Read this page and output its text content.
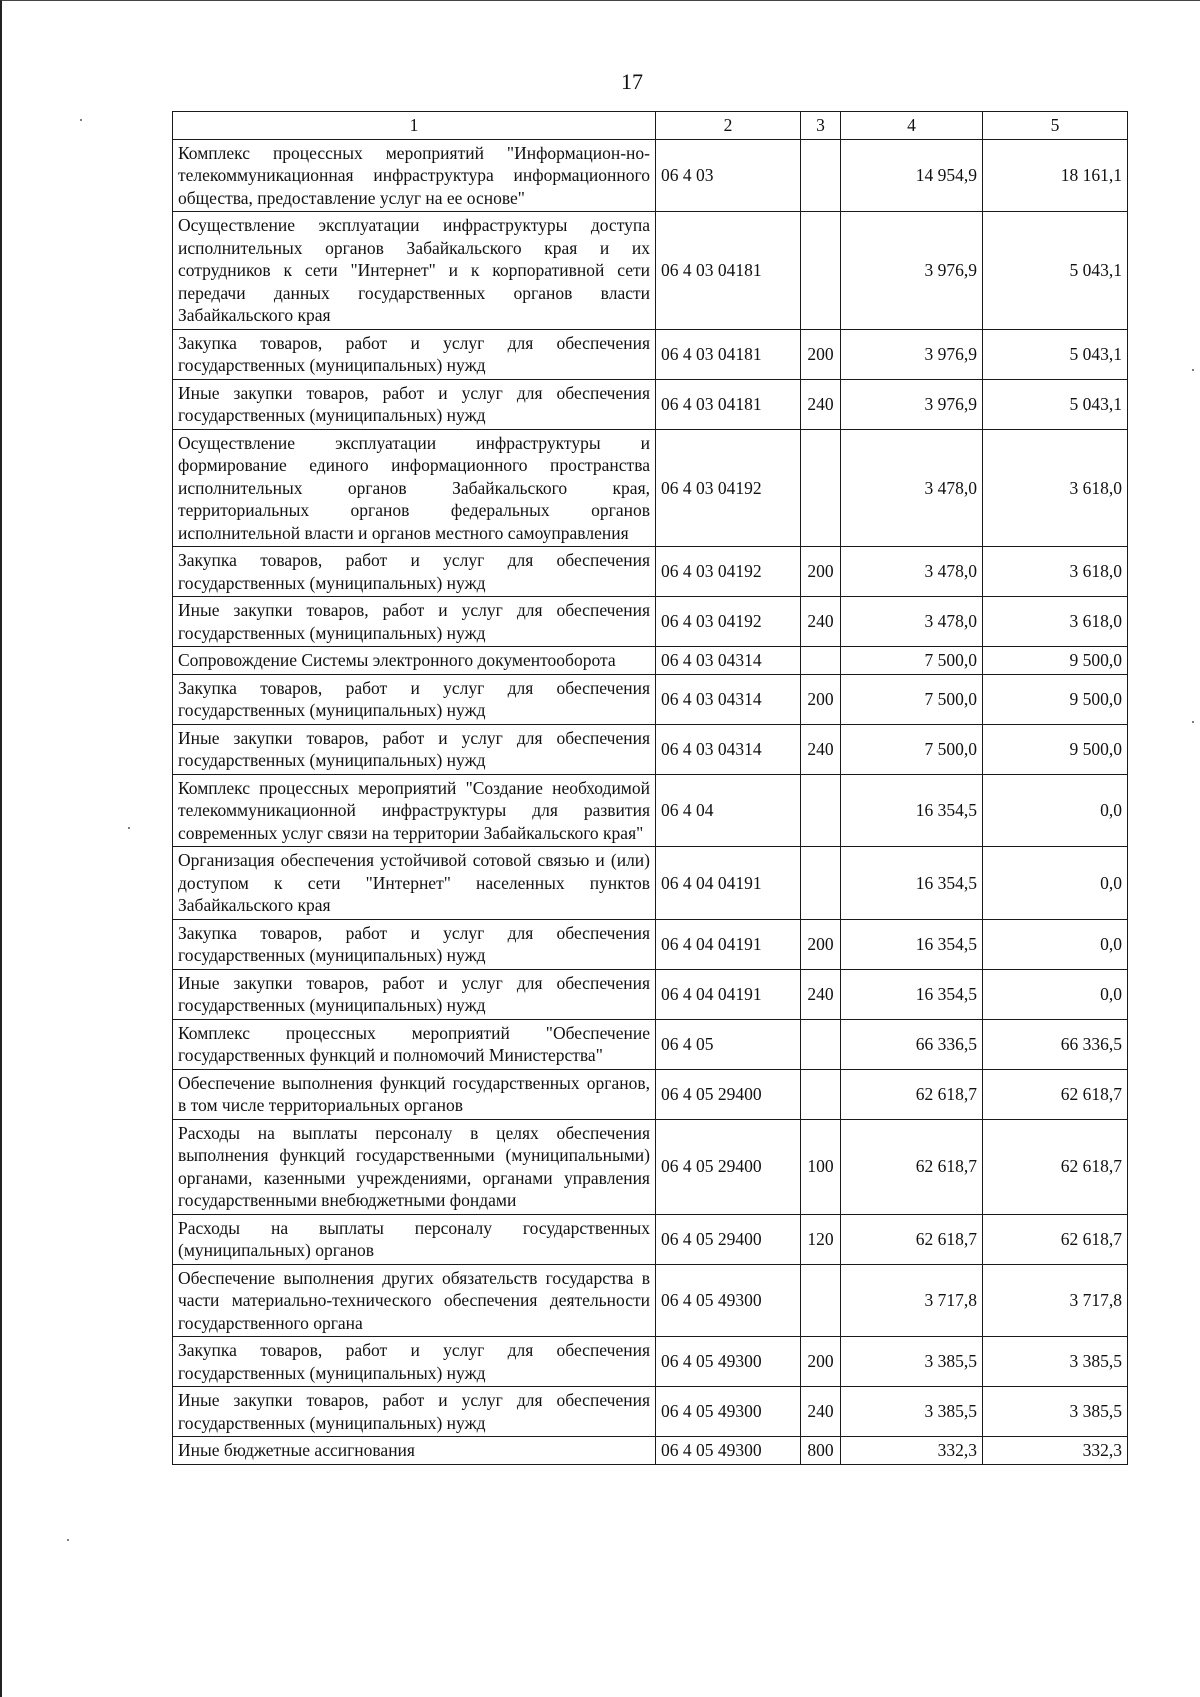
17
1	2	3	4	5
Комплекс процессных мероприятий "Информацион-но-телекоммуникационная инфраструктура информационного общества, предоставление услуг на ее основе"	06 4 03		14 954,9	18 161,1
Осуществление эксплуатации инфраструктуры доступа исполнительных органов Забайкальского края и их сотрудников к сети "Интернет" и к корпоративной сети передачи данных государственных органов власти Забайкальского края	06 4 03 04181		3 976,9	5 043,1
Закупка товаров, работ и услуг для обеспечения государственных (муниципальных) нужд	06 4 03 04181	200	3 976,9	5 043,1
Иные закупки товаров, работ и услуг для обеспечения государственных (муниципальных) нужд	06 4 03 04181	240	3 976,9	5 043,1
Осуществление эксплуатации инфраструктуры и формирование единого информационного пространства исполнительных органов Забайкальского края, территориальных органов федеральных органов исполнительной власти и органов местного самоуправления	06 4 03 04192		3 478,0	3 618,0
Закупка товаров, работ и услуг для обеспечения государственных (муниципальных) нужд	06 4 03 04192	200	3 478,0	3 618,0
Иные закупки товаров, работ и услуг для обеспечения государственных (муниципальных) нужд	06 4 03 04192	240	3 478,0	3 618,0
Сопровождение Системы электронного документооборота	06 4 03 04314		7 500,0	9 500,0
Закупка товаров, работ и услуг для обеспечения государственных (муниципальных) нужд	06 4 03 04314	200	7 500,0	9 500,0
Иные закупки товаров, работ и услуг для обеспечения государственных (муниципальных) нужд	06 4 03 04314	240	7 500,0	9 500,0
Комплекс процессных мероприятий "Создание необходимой телекоммуникационной инфраструктуры для развития современных услуг связи на территории Забайкальского края"	06 4 04		16 354,5	0,0
Организация обеспечения устойчивой сотовой связью и (или) доступом к сети "Интернет" населенных пунктов Забайкальского края	06 4 04 04191		16 354,5	0,0
Закупка товаров, работ и услуг для обеспечения государственных (муниципальных) нужд	06 4 04 04191	200	16 354,5	0,0
Иные закупки товаров, работ и услуг для обеспечения государственных (муниципальных) нужд	06 4 04 04191	240	16 354,5	0,0
Комплекс процессных мероприятий "Обеспечение государственных функций и полномочий Министерства"	06 4 05		66 336,5	66 336,5
Обеспечение выполнения функций государственных органов, в том числе территориальных органов	06 4 05 29400		62 618,7	62 618,7
Расходы на выплаты персоналу в целях обеспечения выполнения функций государственными (муниципальными) органами, казенными учреждениями, органами управления государственными внебюджетными фондами	06 4 05 29400	100	62 618,7	62 618,7
Расходы на выплаты персоналу государственных (муниципальных) органов	06 4 05 29400	120	62 618,7	62 618,7
Обеспечение выполнения других обязательств государства в части материально-технического обеспечения деятельности государственного органа	06 4 05 49300		3 717,8	3 717,8
Закупка товаров, работ и услуг для обеспечения государственных (муниципальных) нужд	06 4 05 49300	200	3 385,5	3 385,5
Иные закупки товаров, работ и услуг для обеспечения государственных (муниципальных) нужд	06 4 05 49300	240	3 385,5	3 385,5
Иные бюджетные ассигнования	06 4 05 49300	800	332,3	332,3
